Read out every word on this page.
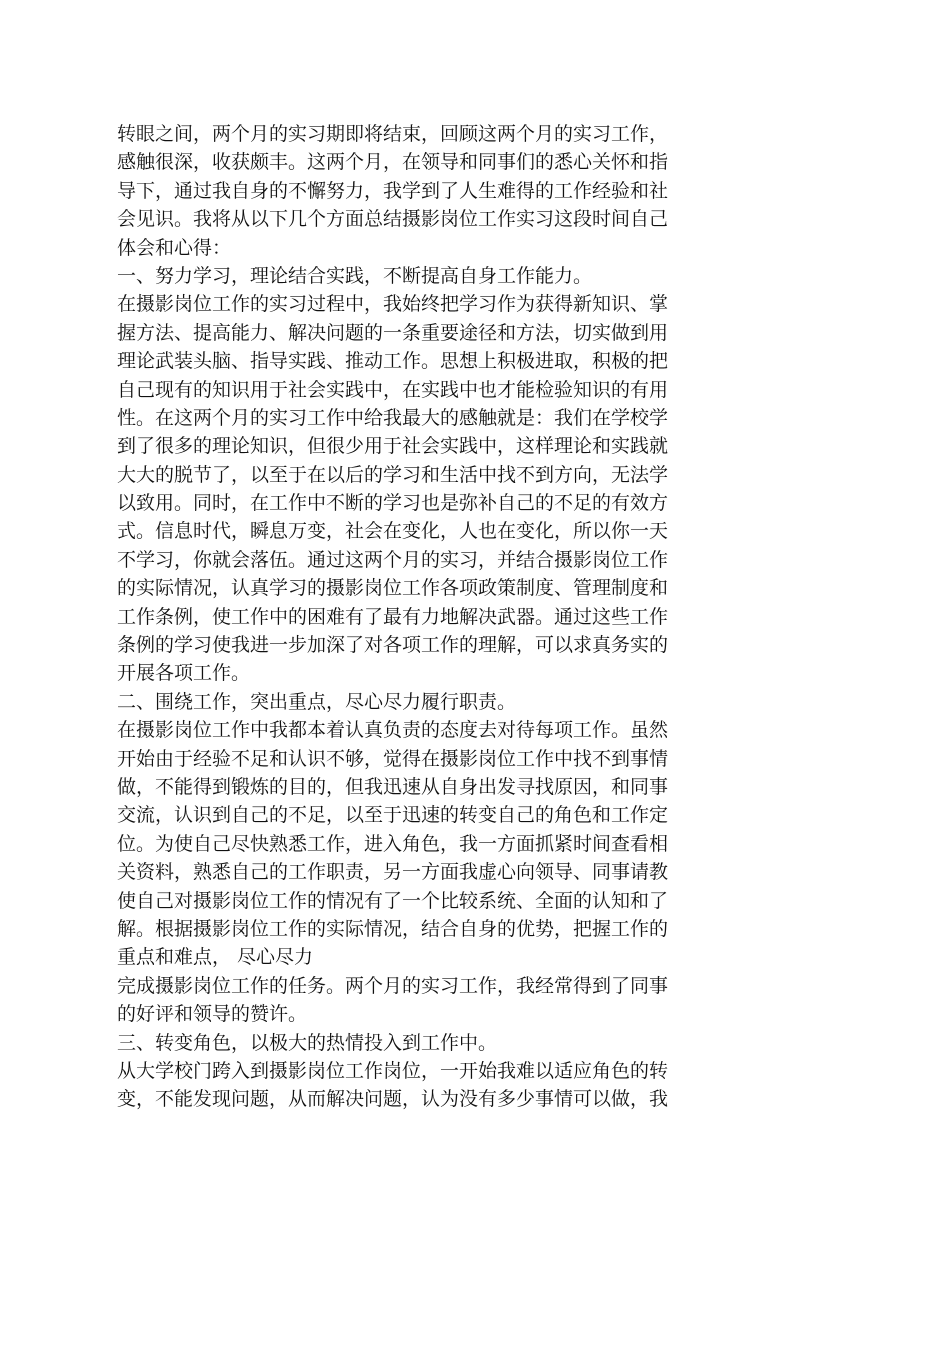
转眼之间，两个月的实习期即将结束，回顾这两个月的实习工作，
感触很深，收获颇丰。这两个月，在领导和同事们的悉心关怀和指
导下，通过我自身的不懈努力，我学到了人生难得的工作经验和社
会见识。我将从以下几个方面总结摄影岗位工作实习这段时间自己
体会和心得：
一、努力学习，理论结合实践，不断提高自身工作能力。
在摄影岗位工作的实习过程中，我始终把学习作为获得新知识、掌
握方法、提高能力、解决问题的一条重要途径和方法，切实做到用
理论武装头脑、指导实践、推动工作。思想上积极进取，积极的把
自己现有的知识用于社会实践中，在实践中也才能检验知识的有用
性。在这两个月的实习工作中给我最大的感触就是：我们在学校学
到了很多的理论知识，但很少用于社会实践中，这样理论和实践就
大大的脱节了，以至于在以后的学习和生活中找不到方向，无法学
以致用。同时，在工作中不断的学习也是弥补自己的不足的有效方
式。信息时代，瞬息万变，社会在变化，人也在变化，所以你一天
不学习，你就会落伍。通过这两个月的实习，并结合摄影岗位工作
的实际情况，认真学习的摄影岗位工作各项政策制度、管理制度和
工作条例，使工作中的困难有了最有力地解决武器。通过这些工作
条例的学习使我进一步加深了对各项工作的理解，可以求真务实的
开展各项工作。
二、围绕工作，突出重点，尽心尽力履行职责。
在摄影岗位工作中我都本着认真负责的态度去对待每项工作。虽然
开始由于经验不足和认识不够，觉得在摄影岗位工作中找不到事情
做，不能得到锻炼的目的，但我迅速从自身出发寻找原因，和同事
交流，认识到自己的不足，以至于迅速的转变自己的角色和工作定
位。为使自己尽快熟悉工作，进入角色，我一方面抓紧时间查看相
关资料，熟悉自己的工作职责，另一方面我虚心向领导、同事请教
使自己对摄影岗位工作的情况有了一个比较系统、全面的认知和了
解。根据摄影岗位工作的实际情况，结合自身的优势，把握工作的
重点和难点， 尽心尽力
完成摄影岗位工作的任务。两个月的实习工作，我经常得到了同事
的好评和领导的赞许。
三、转变角色，以极大的热情投入到工作中。
从大学校门跨入到摄影岗位工作岗位，一开始我难以适应角色的转
变，不能发现问题，从而解决问题，认为没有多少事情可以做，我
